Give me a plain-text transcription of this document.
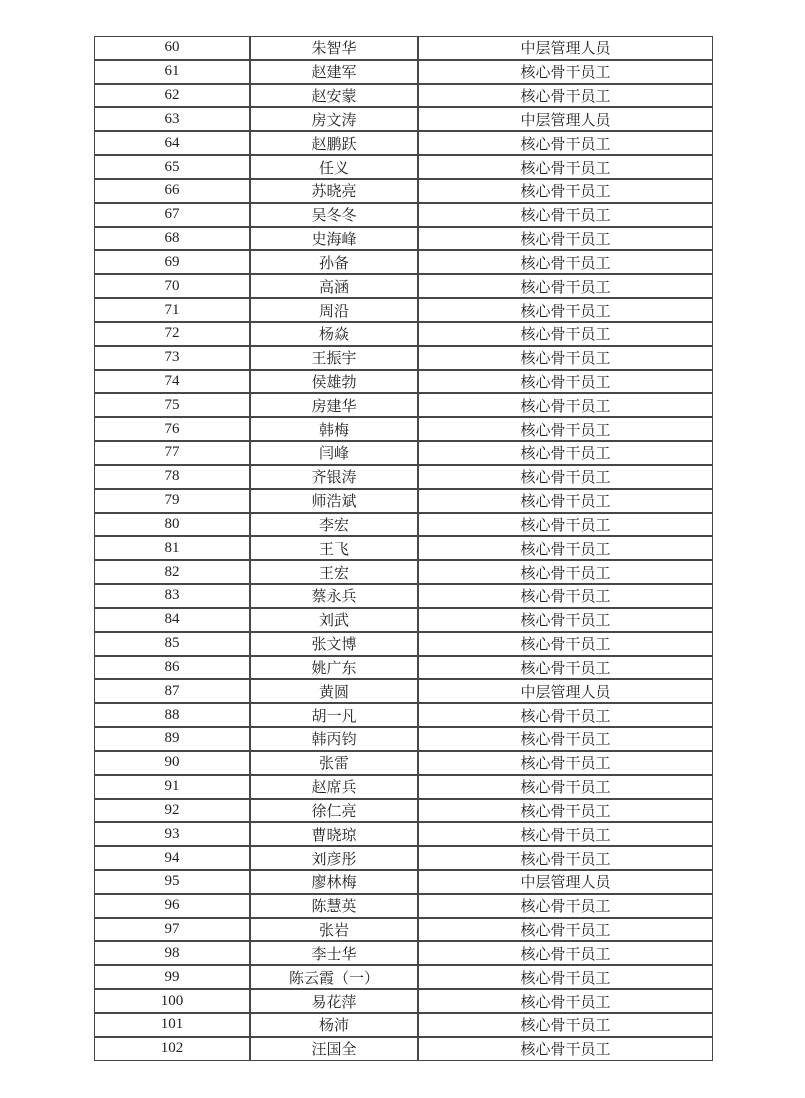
60	朱智华	中层管理人员
61	赵建军	核心骨干员工
62	赵安蒙	核心骨干员工
63	房文涛	中层管理人员
64	赵鹏跃	核心骨干员工
65	任义	核心骨干员工
66	苏晓亮	核心骨干员工
67	吴冬冬	核心骨干员工
68	史海峰	核心骨干员工
69	孙备	核心骨干员工
70	高涵	核心骨干员工
71	周沿	核心骨干员工
72	杨焱	核心骨干员工
73	王振宇	核心骨干员工
74	侯雄勃	核心骨干员工
75	房建华	核心骨干员工
76	韩梅	核心骨干员工
77	闫峰	核心骨干员工
78	齐银涛	核心骨干员工
79	师浩斌	核心骨干员工
80	李宏	核心骨干员工
81	王飞	核心骨干员工
82	王宏	核心骨干员工
83	蔡永兵	核心骨干员工
84	刘武	核心骨干员工
85	张文博	核心骨干员工
86	姚广东	核心骨干员工
87	黄圆	中层管理人员
88	胡一凡	核心骨干员工
89	韩丙钧	核心骨干员工
90	张雷	核心骨干员工
91	赵席兵	核心骨干员工
92	徐仁亮	核心骨干员工
93	曹晓琼	核心骨干员工
94	刘彦彤	核心骨干员工
95	廖林梅	中层管理人员
96	陈慧英	核心骨干员工
97	张岩	核心骨干员工
98	李士华	核心骨干员工
99	陈云霞（一）	核心骨干员工
100	易花萍	核心骨干员工
101	杨沛	核心骨干员工
102	汪国全	核心骨干员工
